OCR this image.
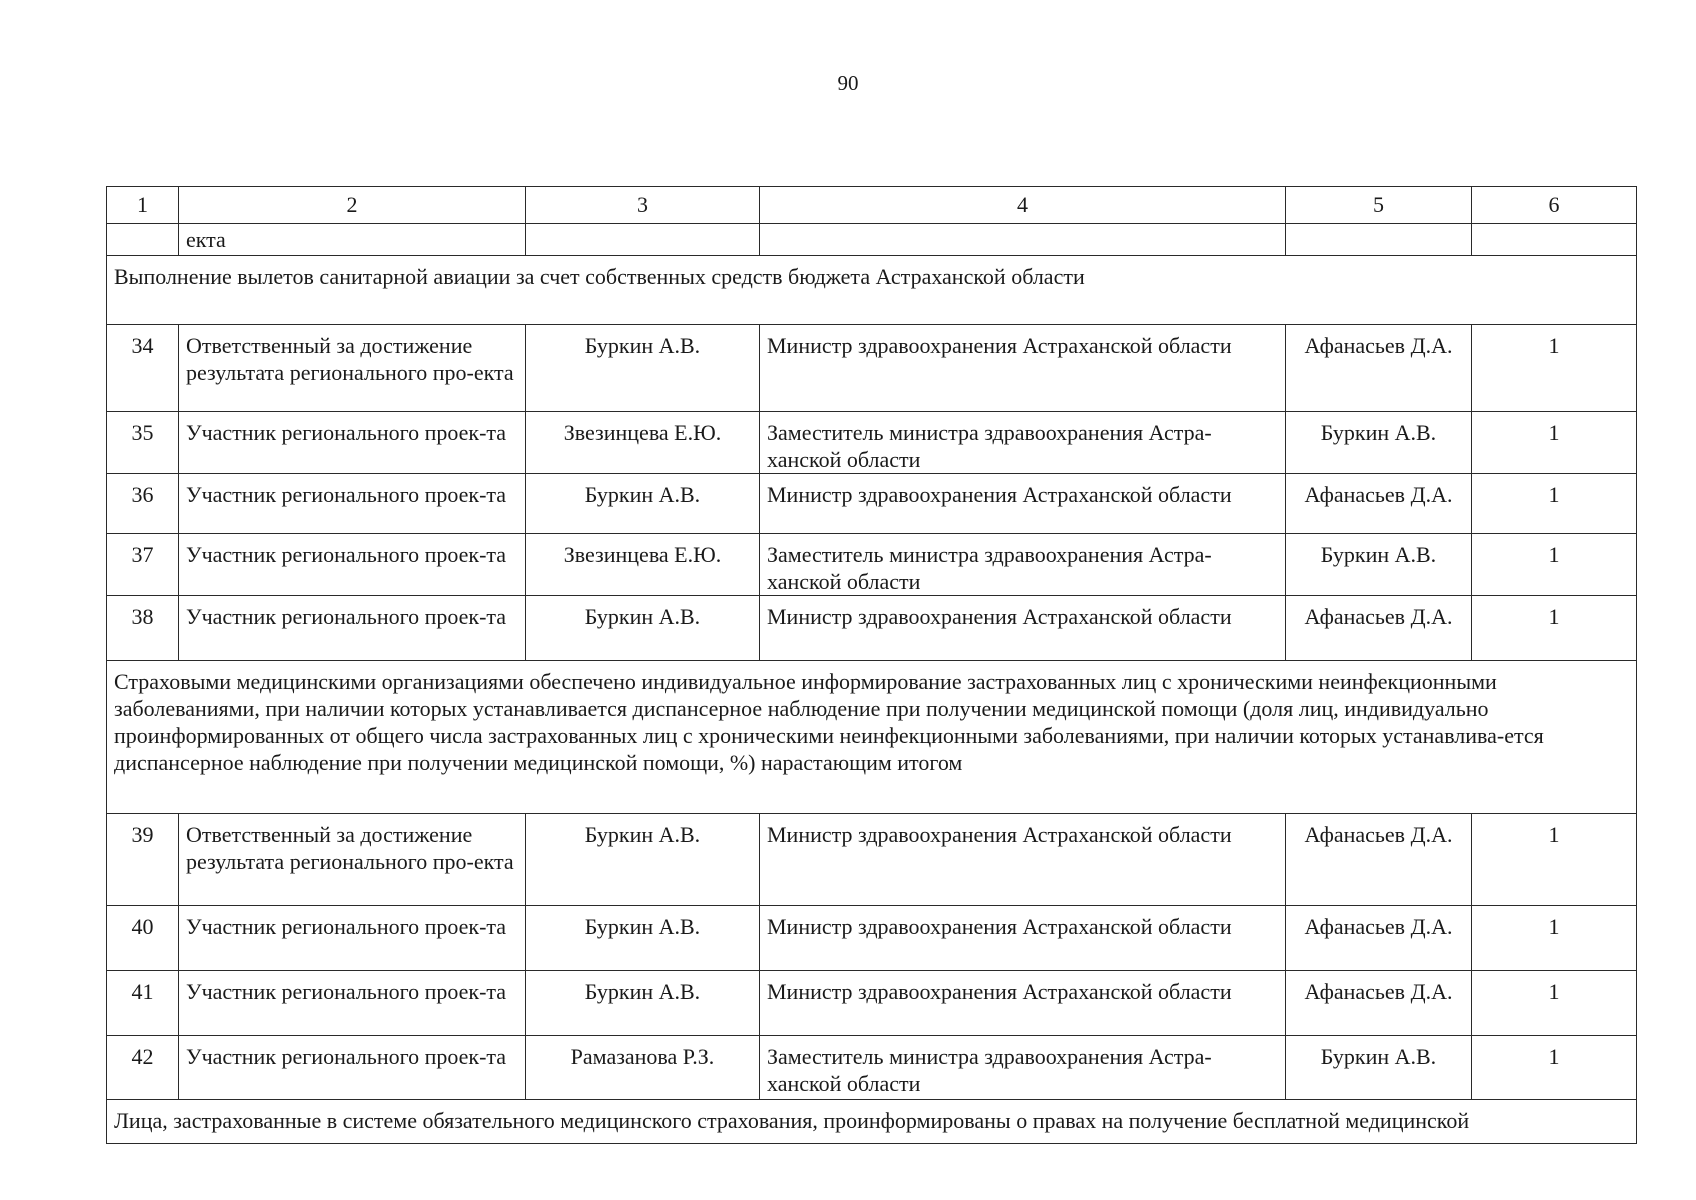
90
1	2	3	4	5	6
	екта				
Выполнение вылетов санитарной авиации за счет собственных средств бюджета Астраханской области					
34	Ответственный за достижение результата регионального про-екта	Буркин А.В.	Министр здравоохранения Астраханской области	Афанасьев Д.А.	1
35	Участник регионального проек-та	Звезинцева Е.Ю.	Заместитель министра здравоохранения Астра-ханской области	Буркин А.В.	1
36	Участник регионального проек-та	Буркин А.В.	Министр здравоохранения Астраханской области	Афанасьев Д.А.	1
37	Участник регионального проек-та	Звезинцева Е.Ю.	Заместитель министра здравоохранения Астра-ханской области	Буркин А.В.	1
38	Участник регионального проек-та	Буркин А.В.	Министр здравоохранения Астраханской области	Афанасьев Д.А.	1
Страховыми медицинскими организациями обеспечено индивидуальное информирование застрахованных лиц с хроническими неинфекционными заболеваниями, при наличии которых устанавливается диспансерное наблюдение при получении медицинской помощи (доля лиц, индивидуально проинформированных от общего числа застрахованных лиц с хроническими неинфекционными заболеваниями, при наличии которых устанавлива-ется диспансерное наблюдение при получении медицинской помощи, %) нарастающим итогом					
39	Ответственный за достижение результата регионального про-екта	Буркин А.В.	Министр здравоохранения Астраханской области	Афанасьев Д.А.	1
40	Участник регионального проек-та	Буркин А.В.	Министр здравоохранения Астраханской области	Афанасьев Д.А.	1
41	Участник регионального проек-та	Буркин А.В.	Министр здравоохранения Астраханской области	Афанасьев Д.А.	1
42	Участник регионального проек-та	Рамазанова Р.З.	Заместитель министра здравоохранения Астра-ханской области	Буркин А.В.	1
Лица, застрахованные в системе обязательного медицинского страхования, проинформированы о правах на получение бесплатной медицинской					
